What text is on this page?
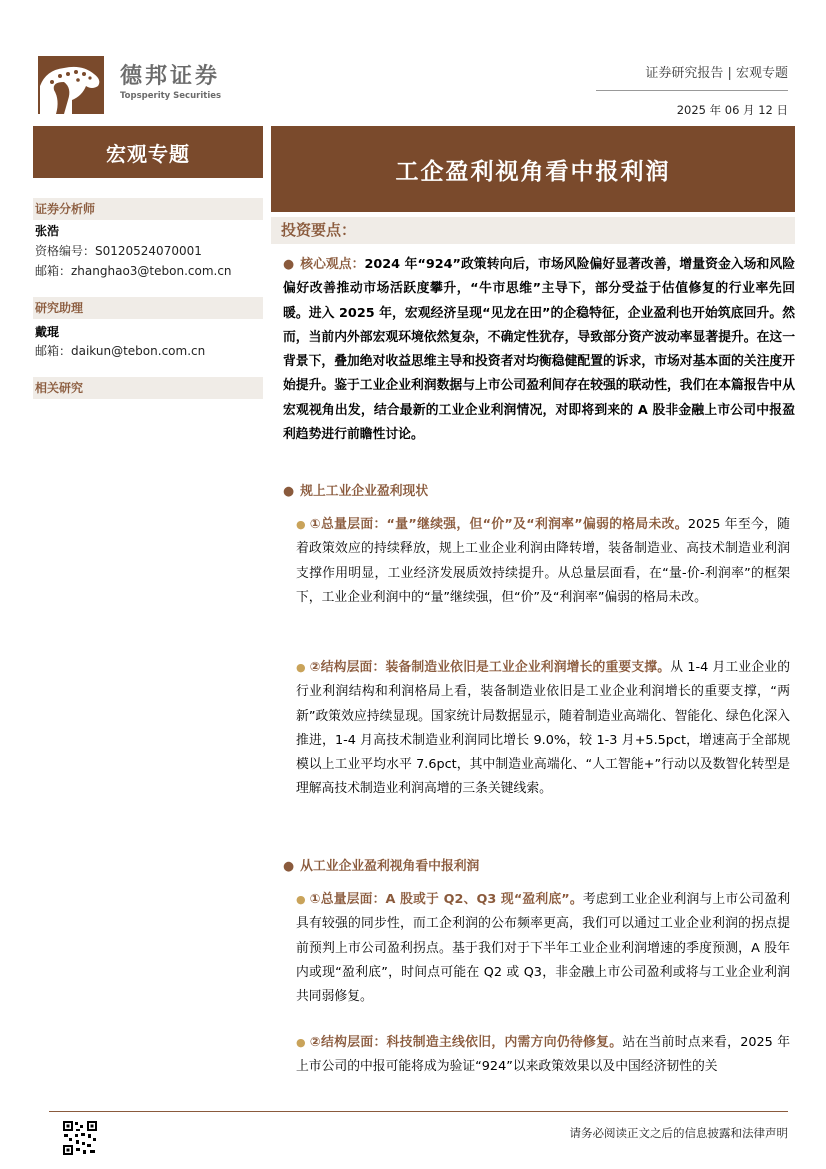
德邦证券
Topsperity Securities
证券研究报告 | 宏观专题
2025 年 06 月 12 日
宏观专题
工企盈利视角看中报利润
证券分析师
张浩
资格编号：S0120524070001
邮箱：zhanghao3@tebon.com.cn
研究助理
戴琨
邮箱：daikun@tebon.com.cn
相关研究
投资要点：
● 核心观点：2024 年“924”政策转向后，市场风险偏好显著改善，增量资金入场和风险偏好改善推动市场活跃度攀升，“牛市思维”主导下，部分受益于估值修复的行业率先回暖。进入 2025 年，宏观经济呈现“见龙在田”的企稳特征，企业盈利也开始筑底回升。然而，当前内外部宏观环境依然复杂，不确定性犹存，导致部分资产波动率显著提升。在这一背景下，叠加绝对收益思维主导和投资者对均衡稳健配置的诉求，市场对基本面的关注度开始提升。鉴于工业企业利润数据与上市公司盈利间存在较强的联动性，我们在本篇报告中从宏观视角出发，结合最新的工业企业利润情况，对即将到来的 A 股非金融上市公司中报盈利趋势进行前瞻性讨论。
● 规上工业企业盈利现状
● ①总量层面：“量”继续强，但“价”及“利润率”偏弱的格局未改。2025 年至今，随着政策效应的持续释放，规上工业企业利润由降转增，装备制造业、高技术制造业利润支撑作用明显，工业经济发展质效持续提升。从总量层面看，在“量-价-利润率”的框架下，工业企业利润中的“量”继续强，但“价”及“利润率”偏弱的格局未改。
● ②结构层面：装备制造业依旧是工业企业利润增长的重要支撑。从 1-4 月工业企业的行业利润结构和利润格局上看，装备制造业依旧是工业企业利润增长的重要支撑，“两新”政策效应持续显现。国家统计局数据显示，随着制造业高端化、智能化、绿色化深入推进，1-4 月高技术制造业利润同比增长 9.0%，较 1-3 月+5.5pct，增速高于全部规模以上工业平均水平 7.6pct，其中制造业高端化、“人工智能+”行动以及数智化转型是理解高技术制造业利润高增的三条关键线索。
● 从工业企业盈利视角看中报利润
● ①总量层面：A 股或于 Q2、Q3 现“盈利底”。考虑到工业企业利润与上市公司盈利具有较强的同步性，而工企利润的公布频率更高，我们可以通过工业企业利润的拐点提前预判上市公司盈利拐点。基于我们对于下半年工业企业利润增速的季度预测，A 股年内或现“盈利底”，时间点可能在 Q2 或 Q3，非金融上市公司盈利或将与工业企业利润共同弱修复。
● ②结构层面：科技制造主线依旧，内需方向仍待修复。站在当前时点来看，2025 年上市公司的中报可能将成为验证“924”以来政策效果以及中国经济韧性的关
请务必阅读正文之后的信息披露和法律声明
